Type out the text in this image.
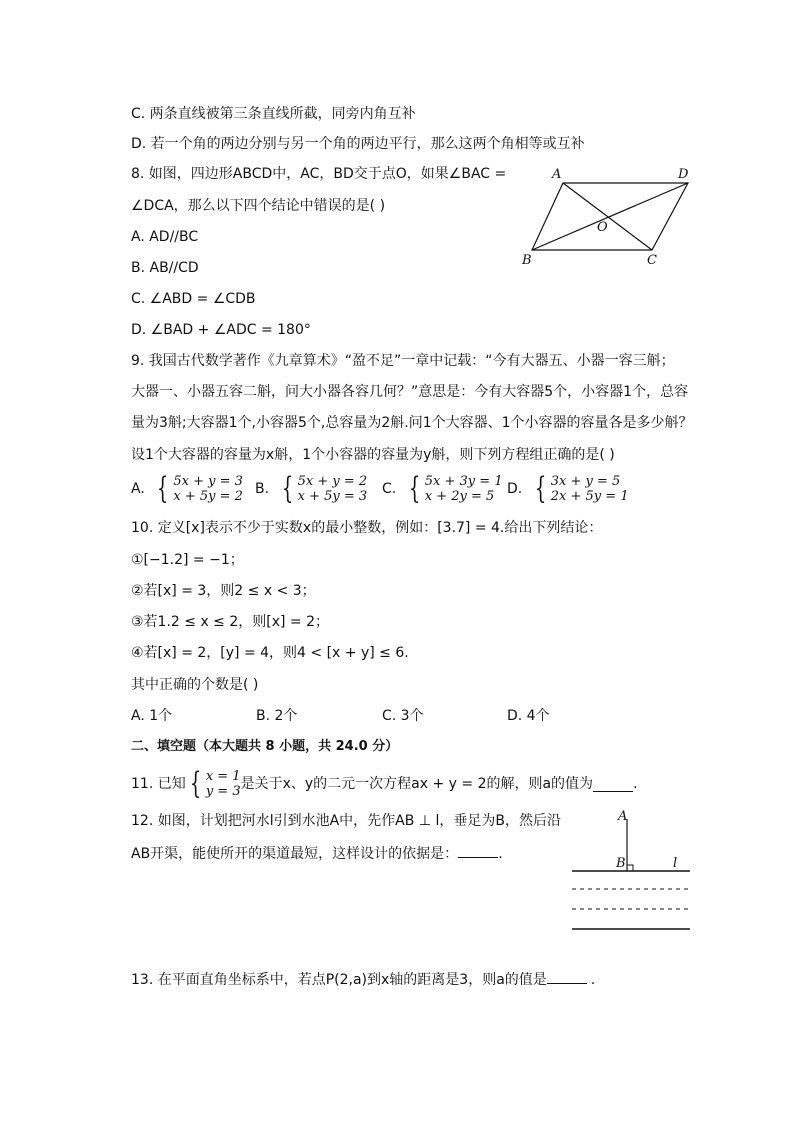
C. 两条直线被第三条直线所截，同旁内角互补
D. 若一个角的两边分别与另一个角的两边平行，那么这两个角相等或互补
8. 如图，四边形ABCD中，AC，BD交于点O，如果∠BAC =
∠DCA，那么以下四个结论中错误的是( )
A. AD//BC
B. AB//CD
C. ∠ABD = ∠CDB
D. ∠BAD + ∠ADC = 180°
A	D
B	C
O
9. 我国古代数学著作《九章算术》“盈不足”一章中记载：“今有大器五、小器一容三斛；
大器一、小器五容二斛，问大小器各容几何？”意思是：今有大容器5个，小容器1个，总容
量为3斛;大容器1个,小容器5个,总容量为2斛.问1个大容器、1个小容器的容量各是多少斛？
设1个大容器的容量为x斛，1个小容器的容量为y斛，则下列方程组正确的是( )
A. { 5x + y = 3
x + 5y = 2 B. { 5x + y = 2
x + 5y = 3 C. { 5x + 3y = 1
x + 2y = 5 D. { 3x + y = 5
2x + 5y = 1
10. 定义[x]表示不少于实数x的最小整数，例如：[3.7] = 4.给出下列结论：
①[−1.2] = −1；
②若[x] = 3，则2 ≤ x < 3；
③若1.2 ≤ x ≤ 2，则[x] = 2；
④若[x] = 2，[y] = 4，则4 < [x + y] ≤ 6.
其中正确的个数是( )
A. 1个	B. 2个	C. 3个	D. 4个
二、填空题（本大题共 8 小题，共 24.0 分）
11. 已知 { x = 1
y = 3 是关于x、y的二元一次方程ax + y = 2的解，则a的值为	.
12. 如图，计划把河水l引到水池A中，先作AB ⊥ l，垂足为B，然后沿
AB开渠，能使所开的渠道最短，这样设计的依据是：	.
A
B	l
13. 在平面直角坐标系中，若点P(2,a)到x轴的距离是3，则a的值是	.
